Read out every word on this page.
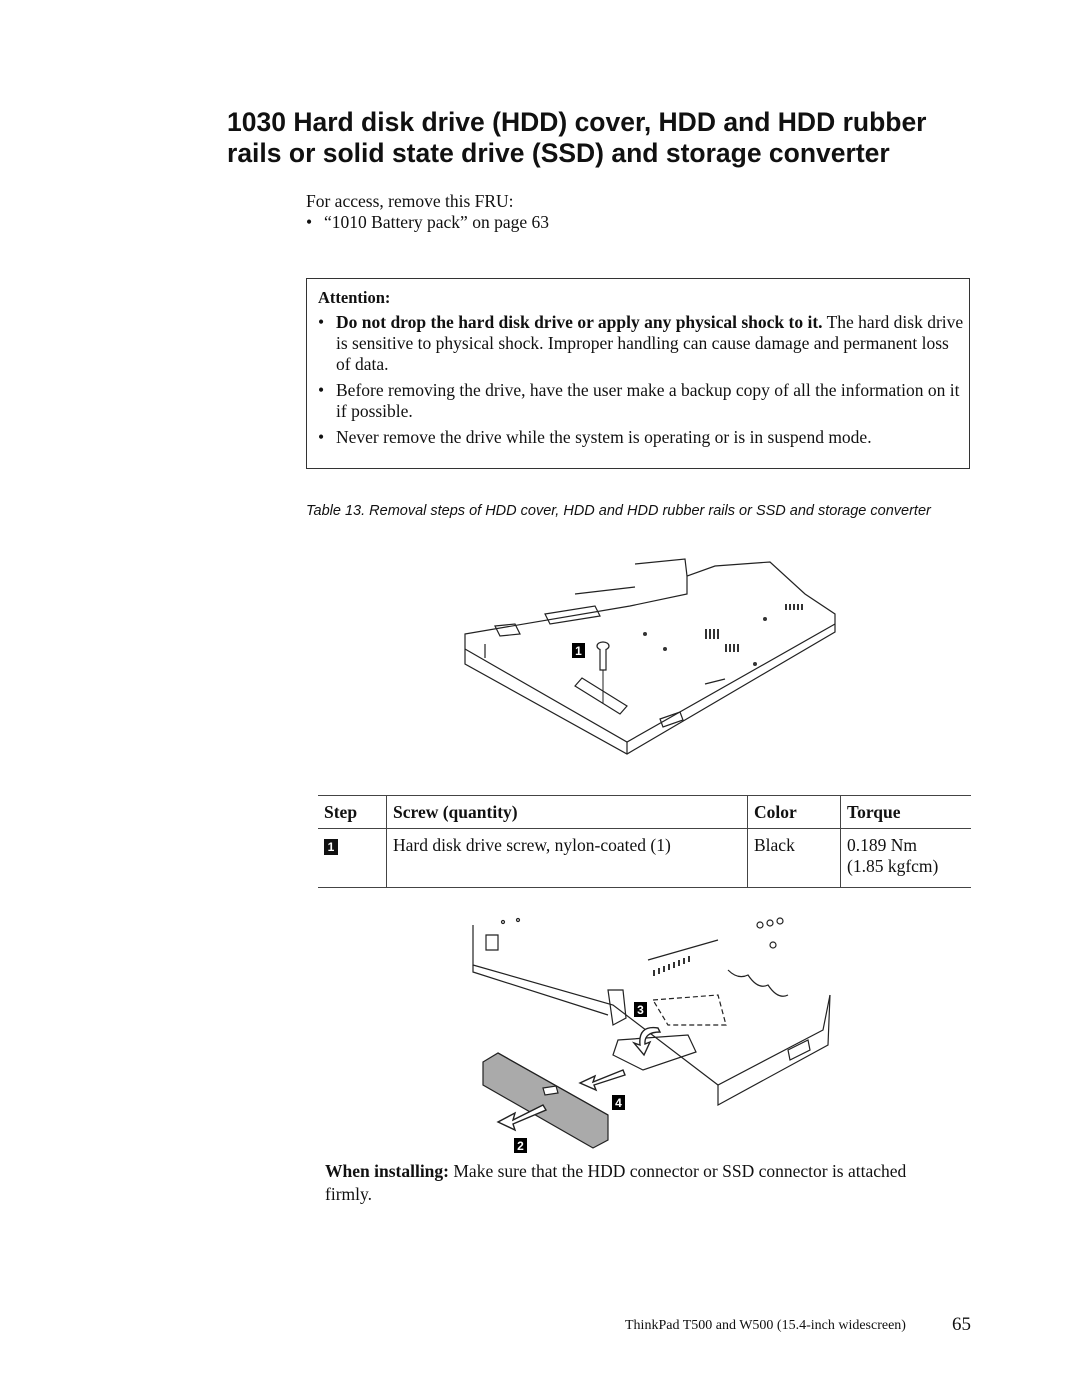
1030 Hard disk drive (HDD) cover, HDD and HDD rubber rails or solid state drive (SSD) and storage converter
For access, remove this FRU:
• “1010 Battery pack” on page 63
Attention:
• Do not drop the hard disk drive or apply any physical shock to it. The hard disk drive is sensitive to physical shock. Improper handling can cause damage and permanent loss of data.
• Before removing the drive, have the user make a backup copy of all the information on it if possible.
• Never remove the drive while the system is operating or is in suspend mode.
Table 13. Removal steps of HDD cover, HDD and HDD rubber rails or SSD and storage converter
1
Step	Screw (quantity)	Color	Torque
1	Hard disk drive screw, nylon-coated (1)	Black	0.189 Nm
(1.85 kgfcm)
3
4
2
When installing: Make sure that the HDD connector or SSD connector is attached firmly.
ThinkPad T500 and W500 (15.4-inch widescreen) 65
